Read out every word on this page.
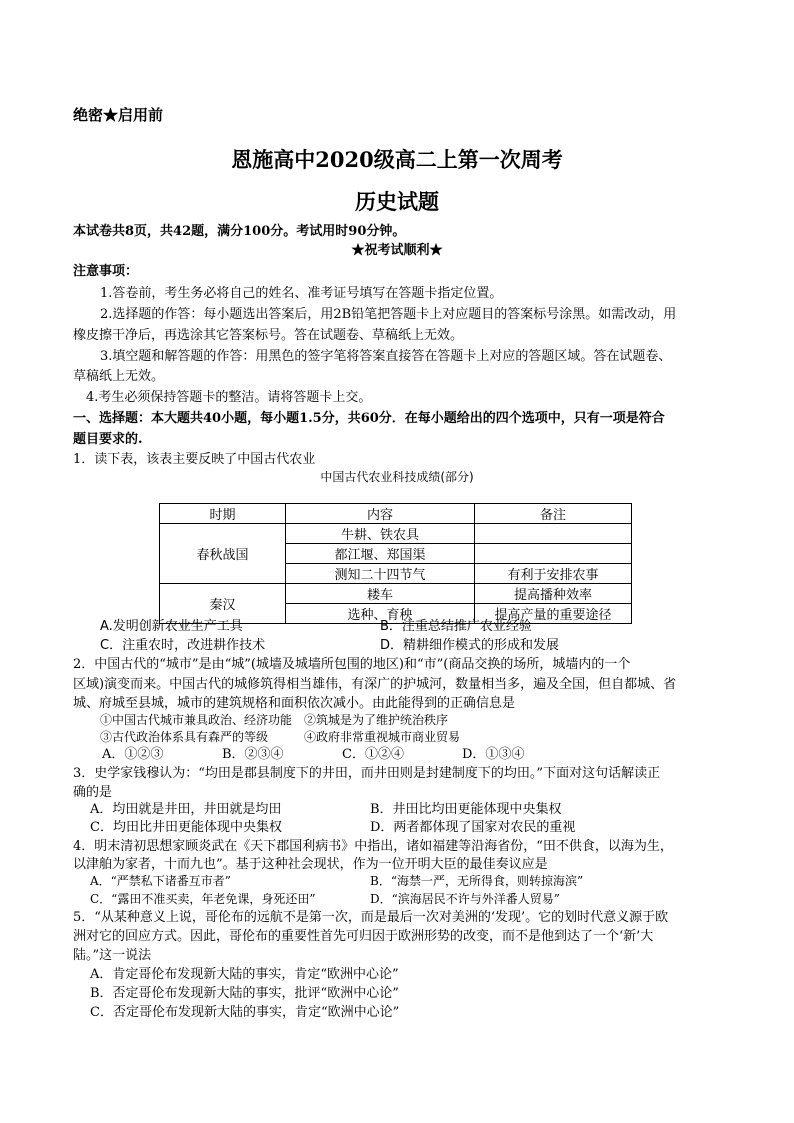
绝密★启用前
恩施高中2020级高二上第一次周考
历史试题
本试卷共8页，共42题，满分100分。考试用时90分钟。
★祝考试顺利★
注意事项：
1.答卷前，考生务必将自己的姓名、准考证号填写在答题卡指定位置。
2.选择题的作答：每小题选出答案后，用2B铅笔把答题卡上对应题目的答案标号涂黑。如需改动，用
橡皮擦干净后，再选涂其它答案标号。答在试题卷、草稿纸上无效。
3.填空题和解答题的作答：用黑色的签字笔将答案直接答在答题卡上对应的答题区域。答在试题卷、
草稿纸上无效。
4.考生必须保持答题卡的整洁。请将答题卡上交。
一、选择题：本大题共40小题，每小题1.5分，共60分．在每小题给出的四个选项中，只有一项是符合
题目要求的.
1．读下表，该表主要反映了中国古代农业
中国古代农业科技成绩(部分)
时期	内容	备注
春秋战国	牛耕、铁农具	
	都江堰、郑国渠	
	测知二十四节气	有利于安排农事
秦汉	耧车	提高播种效率
	选种、育秧	提高产量的重要途径
A.发明创新农业生产工具	B．注重总结推广农业经验
C．注重农时，改进耕作技术	D．精耕细作模式的形成和发展
2．中国古代的“城市”是由“城”(城墙及城墙所包围的地区)和“市”(商品交换的场所，城墙内的一个
区域)演变而来。中国古代的城修筑得相当雄伟，有深广的护城河，数量相当多，遍及全国，但自都城、省
城、府城至县城，城市的建筑规格和面积依次减小。由此能得到的正确信息是
①中国古代城市兼具政治、经济功能　②筑城是为了维护统治秩序
③古代政治体系具有森严的等级　　　④政府非常重视城市商业贸易
A．①②③	B．②③④	C．①②④	D．①③④
3．史学家钱穆认为：“均田是郡县制度下的井田，而井田则是封建制度下的均田。”下面对这句话解读正
确的是
A．均田就是井田，井田就是均田	B．井田比均田更能体现中央集权
C．均田比井田更能体现中央集权	D．两者都体现了国家对农民的重视
4．明末清初思想家顾炎武在《天下郡国利病书》中指出，诸如福建等沿海省份，“田不供食，以海为生，
以津舶为家者，十而九也”。基于这种社会现状，作为一位开明大臣的最佳奏议应是
A．“严禁私下诸番互市者”	B．“海禁一严，无所得食，则转掠海滨”
C．“露田不准买卖，年老免课，身死还田”	D．“滨海居民不许与外洋番人贸易”
5．“从某种意义上说，哥伦布的远航不是第一次，而是最后一次对美洲的‘发现’。它的划时代意义源于欧
洲对它的回应方式。因此，哥伦布的重要性首先可归因于欧洲形势的改变，而不是他到达了一个‘新’大
陆。”这一说法
A．肯定哥伦布发现新大陆的事实，肯定“欧洲中心论”
B．否定哥伦布发现新大陆的事实，批评“欧洲中心论”
C．否定哥伦布发现新大陆的事实，肯定“欧洲中心论”
